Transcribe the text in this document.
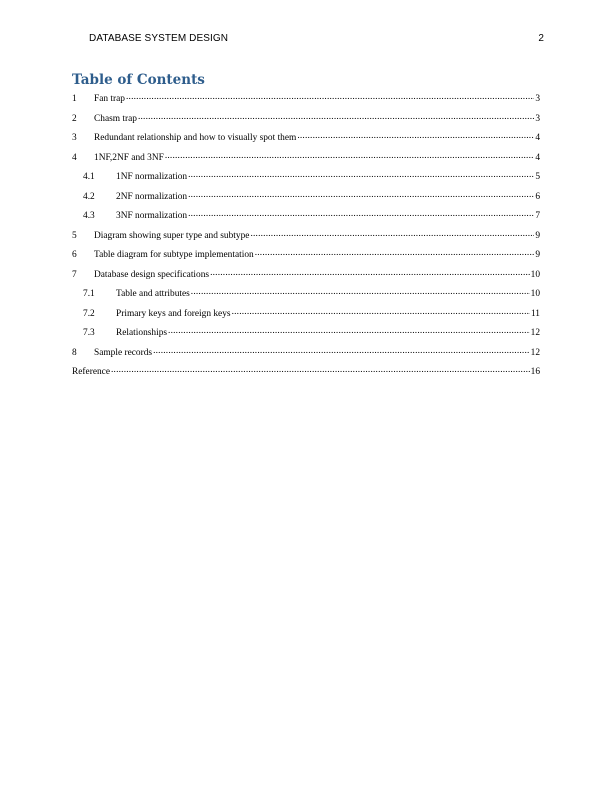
DATABASE SYSTEM DESIGN	2
Table of Contents
1	Fan trap .....	3
2	Chasm trap .....	3
3	Redundant relationship and how to visually spot them .....	4
4	1NF,2NF and 3NF .....	4
4.1	1NF normalization .....	5
4.2	2NF normalization .....	6
4.3	3NF normalization .....	7
5	Diagram showing super type and subtype .....	9
6	Table diagram for subtype implementation .....	9
7	Database design specifications .....	10
7.1	Table and attributes .....	10
7.2	Primary keys and foreign keys .....	11
7.3	Relationships .....	12
8	Sample records .....	12
Reference .....	16
